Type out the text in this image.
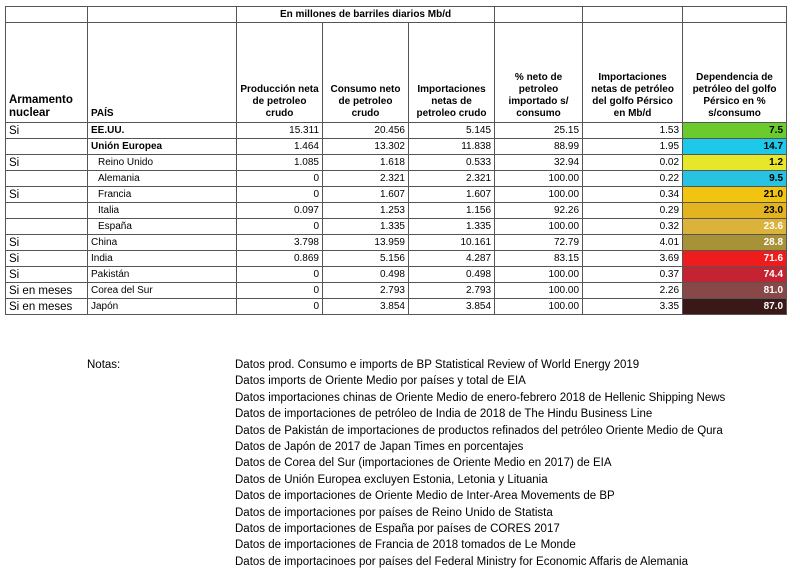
		En millones de barriles diarios Mb/d					
Armamento nuclear	PAÍS	Producción neta de petroleo crudo	Consumo neto de petroleo crudo	Importaciones netas de petroleo crudo	% neto de petroleo importado s/ consumo	Importaciones netas de petróleo del golfo Pérsico en Mb/d	Dependencia de petróleo del golfo Pérsico en % s/consumo
Si	EE.UU.	15.311	20.456	5.145	25.15	1.53	7.5
	Unión Europea	1.464	13.302	11.838	88.99	1.95	14.7
Si	Reino Unido	1.085	1.618	0.533	32.94	0.02	1.2
	Alemania	0	2.321	2.321	100.00	0.22	9.5
Si	Francia	0	1.607	1.607	100.00	0.34	21.0
	Italia	0.097	1.253	1.156	92.26	0.29	23.0
	España	0	1.335	1.335	100.00	0.32	23.6
Si	China	3.798	13.959	10.161	72.79	4.01	28.8
Si	India	0.869	5.156	4.287	83.15	3.69	71.6
Si	Pakistán	0	0.498	0.498	100.00	0.37	74.4
Si en meses	Corea del Sur	0	2.793	2.793	100.00	2.26	81.0
Si en meses	Japón	0	3.854	3.854	100.00	3.35	87.0
Notas:	Datos prod. Consumo e imports de BP Statistical Review of World Energy 2019
Datos imports de Oriente Medio por países y total de EIA
Datos importaciones chinas de Oriente Medio de enero-febrero 2018 de Hellenic Shipping News
Datos de importaciones de petróleo de India de 2018 de The Hindu Business Line
Datos de Pakistán de importaciones de productos refinados del petróleo Oriente Medio de Qura
Datos de Japón de 2017 de Japan Times en porcentajes
Datos de Corea del Sur (importaciones de Oriente Medio en 2017) de EIA
Datos de Unión Europea excluyen Estonia, Letonia y Lituania
Datos de importaciones de Oriente Medio de Inter-Area Movements de BP
Datos de importaciones por países de Reino Unido de Statista
Datos de importaciones de España por países de CORES 2017
Datos de importaciones de Francia de 2018 tomados de Le Monde
Datos de importacinoes por países del Federal Ministry for Economic Affaris de Alemania
